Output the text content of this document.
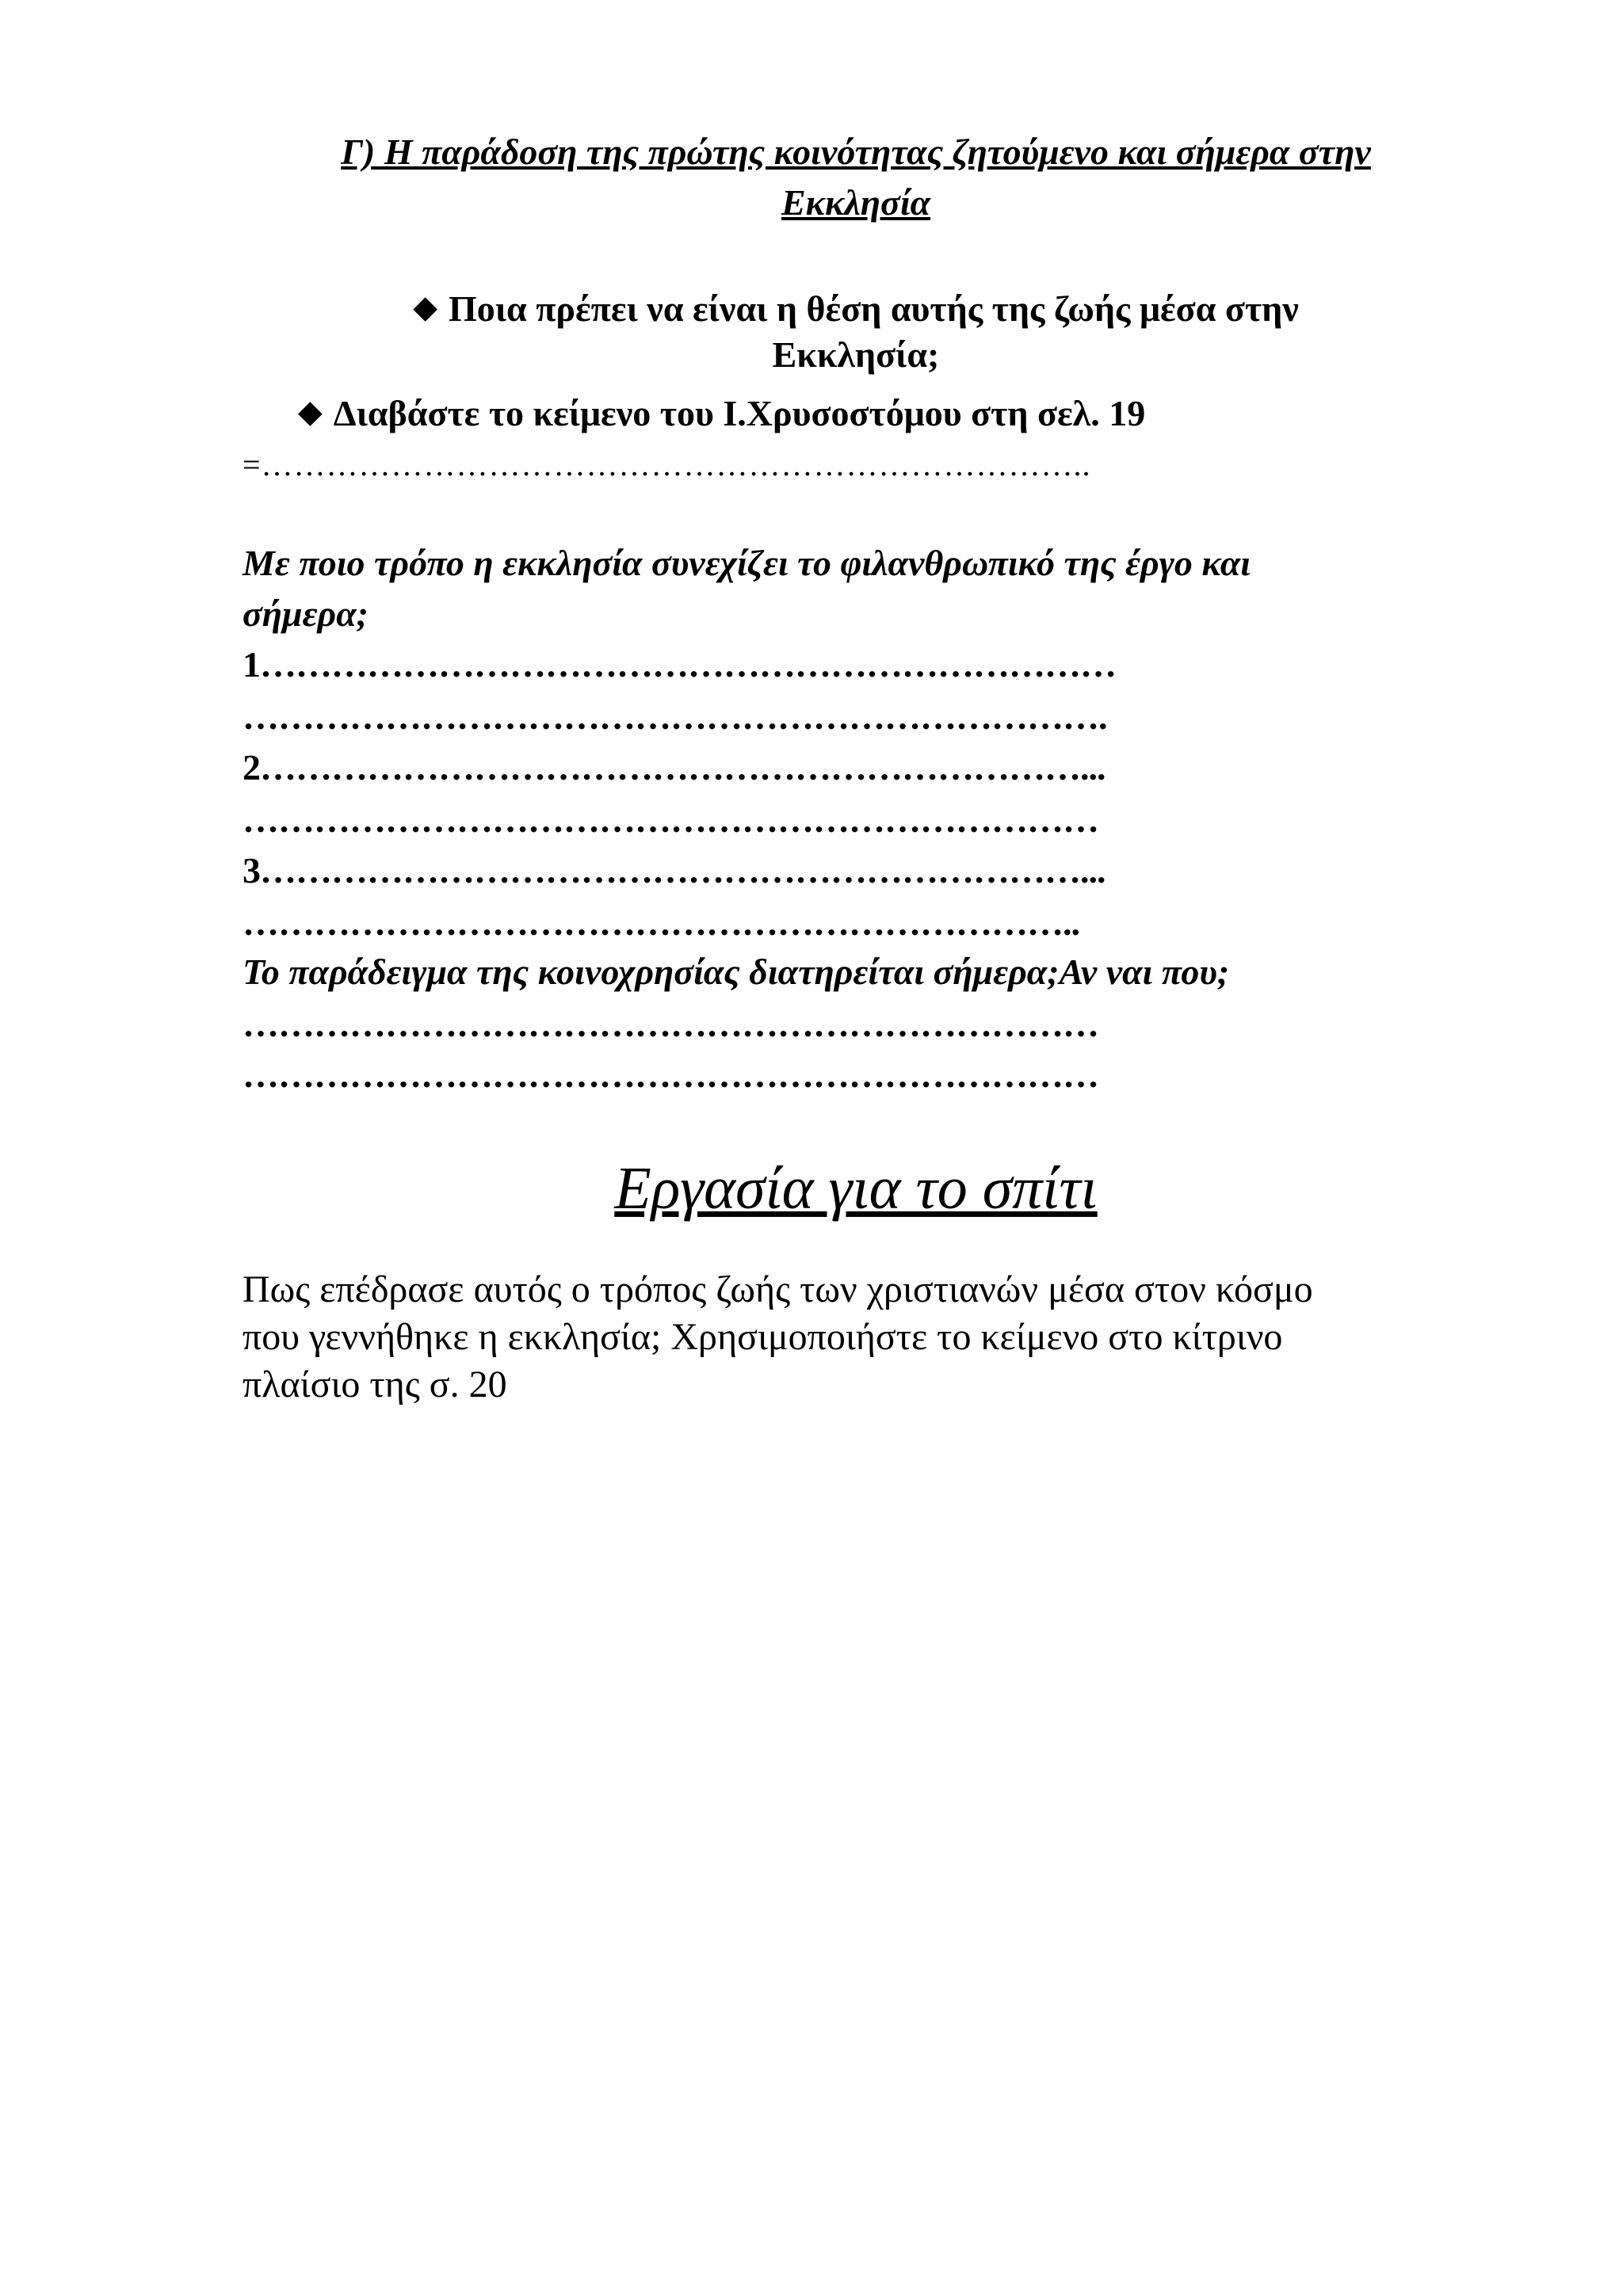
Γ) Η παράδοση της πρώτης κοινότητας ζητούμενο και σήμερα στην

Εκκλησία

◆ Ποια πρέπει να είναι η θέση αυτής της ζωής μέσα στην

Εκκλησία;

◆ Διαβάστε το κείμενο του Ι.Χρυσοστόμου στη σελ. 19

=…………………………………………………………………..

Με ποιο τρόπο η εκκλησία συνεχίζει το φιλανθρωπικό της έργο και

σήμερα;

1………………………………………………………………

……………………………………………………………….

2……………………………………………………………...

………………………………………………………………

3……………………………………………………………...

……………………………………………………………..

Το παράδειγμα της κοινοχρησίας διατηρείται σήμερα;Αν ναι που;

………………………………………………………………

………………………………………………………………

Εργασία για το σπίτι

Πως επέδρασε αυτός ο τρόπος ζωής των χριστιανών μέσα στον κόσμο

που γεννήθηκε η εκκλησία; Χρησιμοποιήστε το κείμενο στο κίτρινο

πλαίσιο της σ. 20
